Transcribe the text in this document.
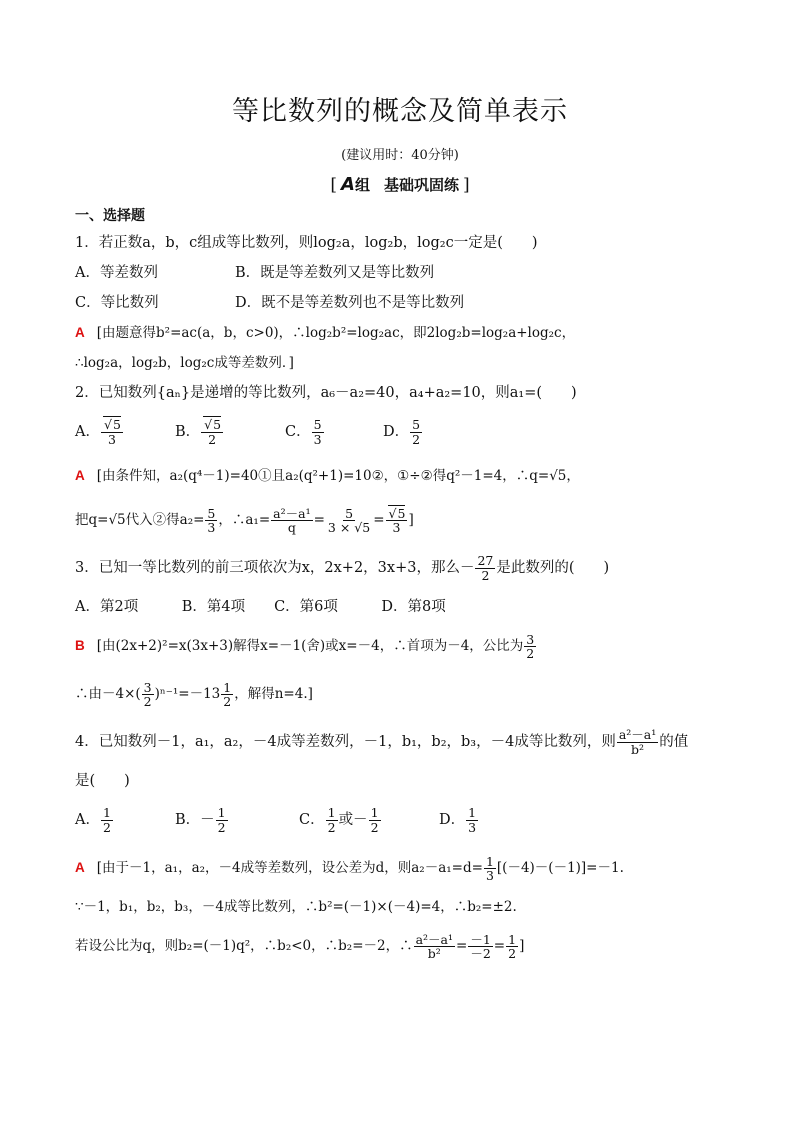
等比数列的概念及简单表示
(建议用时：40分钟)
[ A组 基础巩固练 ]
一、选择题
1．若正数a，b，c组成等比数列，则log₂a，log₂b，log₂c一定是(　　)
A．等差数列	B．既是等差数列又是等比数列
C．等比数列	D．既不是等差数列也不是等比数列
A [由题意得b²=ac(a，b，c>0)，∴log₂b²=log₂ac，即2log₂b=log₂a+log₂c，
∴log₂a，log₂b，log₂c成等差数列．]
2．已知数列{aₙ}是递增的等比数列，a₆－a₂=40，a₄+a₂=10，则a₁=(　　)
A． √ $\frac{5}{3}$	B． √ $\frac{5}{2}$	C． $\frac{5}{3}$	D． $\frac{5}{2}$
A [由条件知，a₂(q⁴－1)=40①且a₂(q²+1)=10②，①÷②得q²－1=4，∴q=√5，
把q=√5代入②得$a_2= \frac{5}{3}$ ，∴a₁= $\frac{\text{a²－a¹}}{q} = \frac{5}{3 \times √5}$ = √ $\frac{5}{3}$ ]
3．已知一等比数列的前三项依次为x，2x+2，3x+3，那么－ $\frac{27}{2}$ 是此数列的(　　)
A．第2项　　　B．第4项　　C．第6项　　　D．第8项
B [由(2x+2)²=x(3x+3)解得x=－1(舍)或x=－4，∴首项为－4，公比为 $\frac{3}{2}$
∴由$-4\times( \frac{3}{2} )^{n-1}=-13 \frac{1}{2}$ ，解得n=4.]
4．已知数列－1，a₁，a₂，－4成等差数列，－1，b₁，b₂，b₃，－4成等比数列，则 $\frac{\text{a²－a¹}}{\text{b²}}$ 的值
是(　　)
A． $\frac{1}{2}$	B．－ $\frac{1}{2}$	C． $\frac{1}{2}$ 或－ $\frac{1}{2}$	D． $\frac{1}{3}$
A [由于－1，a₁，a₂，－4成等差数列，设公差为d，则$a_2-a_1=d= \frac{1}{3} [(-4)-(-1)]=-1$.
∵－1，b₁，b₂，b₃，－4成等比数列，∴b²=(－1)×(－4)=4，∴b₂=±2.
若设公比为q，则b₂=(－1)q²，∴b₂<0，∴b₂=－2，∴ $\frac{\text{a²－a¹}}{\text{b²}} = \frac{-1}{-2} = \frac{1}{2}$ ]
